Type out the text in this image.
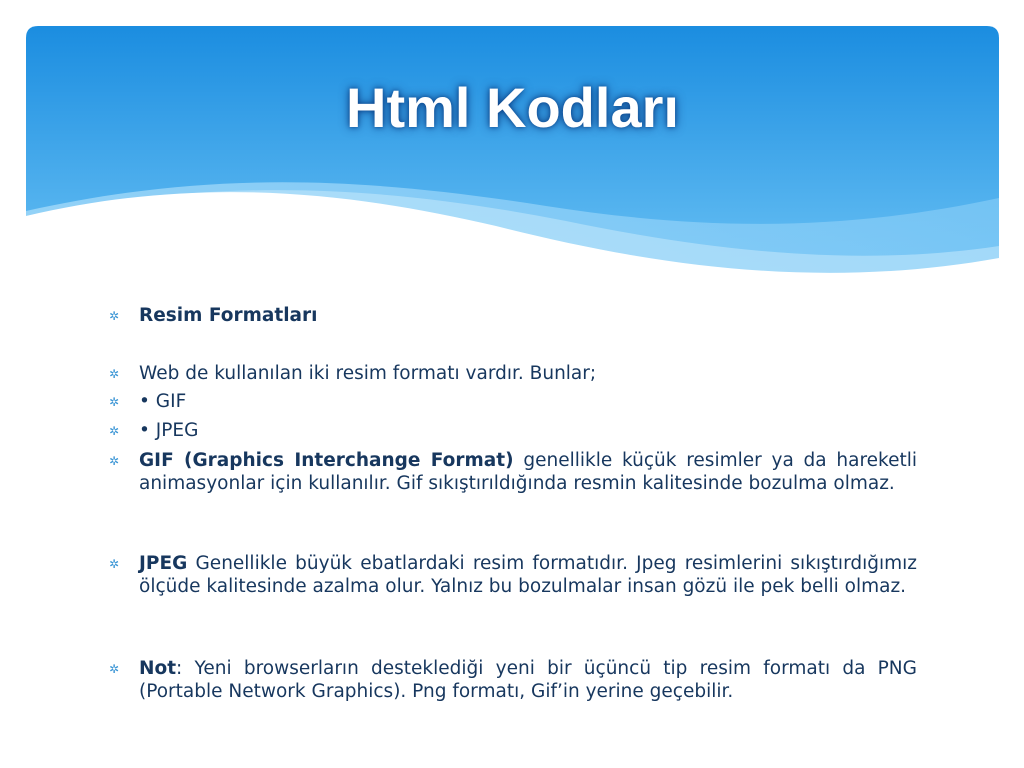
Html Kodları
✲ Resim Formatları
✲ Web de kullanılan iki resim formatı vardır. Bunlar;
✲ • GIF
✲ • JPEG
✲ GIF (Graphics Interchange Format) genellikle küçük resimler ya da hareketli animasyonlar için kullanılır. Gif sıkıştırıldığında resmin kalitesinde bozulma olmaz.
✲ JPEG Genellikle büyük ebatlardaki resim formatıdır. Jpeg resimlerini sıkıştırdığımız ölçüde kalitesinde azalma olur. Yalnız bu bozulmalar insan gözü ile pek belli olmaz.
✲ Not: Yeni browserların desteklediği yeni bir üçüncü tip resim formatı da PNG (Portable Network Graphics). Png formatı, Gif’in yerine geçebilir.
